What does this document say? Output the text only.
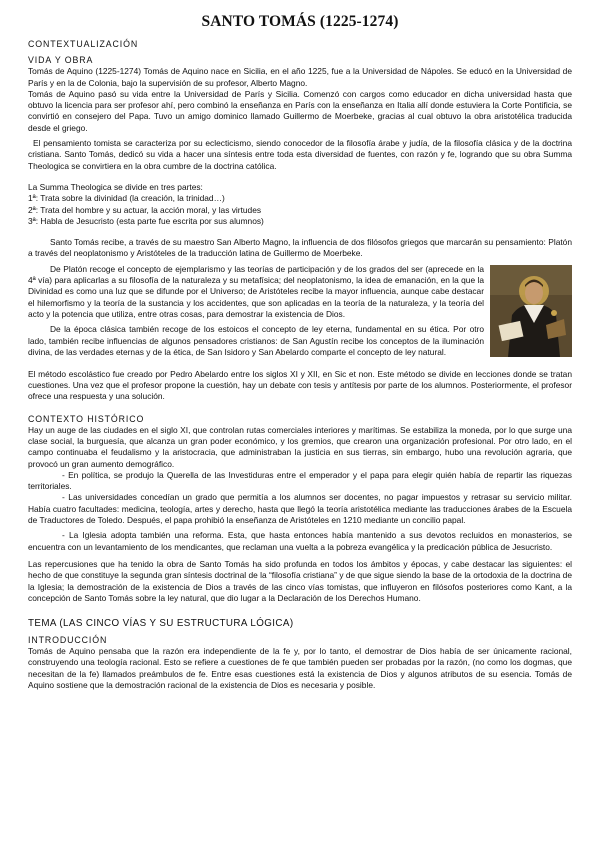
SANTO TOMÁS (1225-1274)
CONTEXTUALIZACIÓN
VIDA Y OBRA

Tomás de Aquino (1225-1274) Tomás de Aquino nace en Sicilia, en el año 1225, fue a la Universidad de Nápoles. Se educó en la Universidad de París y en la de Colonia, bajo la supervisión de su profesor, Alberto Magno.

Tomás de Aquino pasó su vida entre la Universidad de París y Sicilia. Comenzó con cargos como educador en dicha universidad hasta que obtuvo la licencia para ser profesor ahí, pero combinó la enseñanza en París con la enseñanza en Italia allí donde estuviera la Corte Pontificia, se convirtió en consejero del Papa. Tuvo un amigo dominico llamado Guillermo de Moerbeke, gracias al cual obtuvo la obra aristotélica traducida desde el griego.

El pensamiento tomista se caracteriza por su eclecticismo, siendo conocedor de la filosofía árabe y judía, de la filosofía clásica y de la doctrina cristiana. Santo Tomás, dedicó su vida a hacer una síntesis entre toda esta diversidad de fuentes, con razón y fe, logrando que su obra Summa Theologica se convirtiera en la obra cumbre de la doctrina católica.

La Summa Theologica se divide en tres partes:

1ª: Trata sobre la divinidad (la creación, la trinidad…)

2ª: Trata del hombre y su actuar, la acción moral, y las virtudes

3ª: Habla de Jesucristo (esta parte fue escrita por sus alumnos)

Santo Tomás recibe, a través de su maestro San Alberto Magno, la influencia de dos filósofos griegos que marcarán su pensamiento: Platón a través del neoplatonismo y Aristóteles de la traducción latina de Guillermo de Moerbeke.

De Platón recoge el concepto de ejemplarismo y las teorías de participación y de los grados del ser (aprecede en la 4ª vía) para aplicarlas a su filosofía de la naturaleza y su metafísica; del neoplatonismo, la idea de emanación, en la que la Divinidad es como una luz que se difunde por el Universo; de Aristóteles recibe la mayor influencia, aunque cabe destacar el hilemorfismo y la teoría de la sustancia y los accidentes, que son aplicadas en la teoría de la naturaleza, y la teoría del acto y la potencia que utiliza, entre otras cosas, para demostrar la existencia de Dios.

De la época clásica también recoge de los estoicos el concepto de ley eterna, fundamental en su ética. Por otro lado, también recibe influencias de algunos pensadores cristianos: de San Agustín recibe los conceptos de la iluminación divina, de las verdades eternas y de la ética, de San Isidoro y San Abelardo comparte el concepto de ley natural.

El método escolástico fue creado por Pedro Abelardo entre los siglos XI y XII, en Sic et non. Este método se divide en lecciones donde se tratan cuestiones. Una vez que el profesor propone la cuestión, hay un debate con tesis y antítesis por parte de los alumnos. Posteriormente, el profesor ofrece una respuesta y una solución.

CONTEXTO HISTÓRICO

Hay un auge de las ciudades en el siglo XI, que controlan rutas comerciales interiores y marítimas. Se estabiliza la moneda, por lo que surge una clase social, la burguesía, que alcanza un gran poder económico, y los gremios, que crearon una organización profesional. Por otro lado, en el campo continuaba el feudalismo y la aristocracia, que administraban la justicia en sus tierras, sin embargo, hubo una revolución agraria, que provocó un gran aumento demográfico.

- En política, se produjo la Querella de las Investiduras entre el emperador y el papa para elegir quién había de repartir las riquezas territoriales.

- Las universidades concedían un grado que permitía a los alumnos ser docentes, no pagar impuestos y retrasar su servicio militar. Había cuatro facultades: medicina, teología, artes y derecho, hasta que llegó la teoría aristotélica mediante las traducciones árabes de la Escuela de Traductores de Toledo. Después, el papa prohibió la enseñanza de Aristóteles en 1210 mediante un concilio papal.

- La Iglesia adopta también una reforma. Esta, que hasta entonces había mantenido a sus devotos recluidos en monasterios, se encuentra con un levantamiento de los mendicantes, que reclaman una vuelta a la pobreza evangélica y la predicación pública de Jesucristo.

Las repercusiones que ha tenido la obra de Santo Tomás ha sido profunda en todos los ámbitos y épocas, y cabe destacar las siguientes: el hecho de que constituye la segunda gran síntesis doctrinal de la “filosofía cristiana” y de que sigue siendo la base de la ortodoxia de la doctrina de la Iglesia; la demostración de la existencia de Dios a través de las cinco vías tomistas, que influyeron en filósofos posteriores como Kant, a la concepción de Santo Tomás sobre la ley natural, que dio lugar a la Declaración de los Derechos Humano.

TEMA (LAS CINCO VÍAS Y SU ESTRUCTURA LÓGICA)
INTRODUCCIÓN

Tomás de Aquino pensaba que la razón era independiente de la fe y, por lo tanto, el demostrar de Dios había de ser únicamente racional, construyendo una teología racional. Esto se refiere a cuestiones de fe que también pueden ser probadas por la razón, (no como los dogmas, que necesitan de la fe) llamados preámbulos de fe. Entre esas cuestiones está la existencia de Dios y algunos atributos de su esencia. Tomás de Aquino sostiene que la demostración racional de la existencia de Dios es necesaria y posible.
